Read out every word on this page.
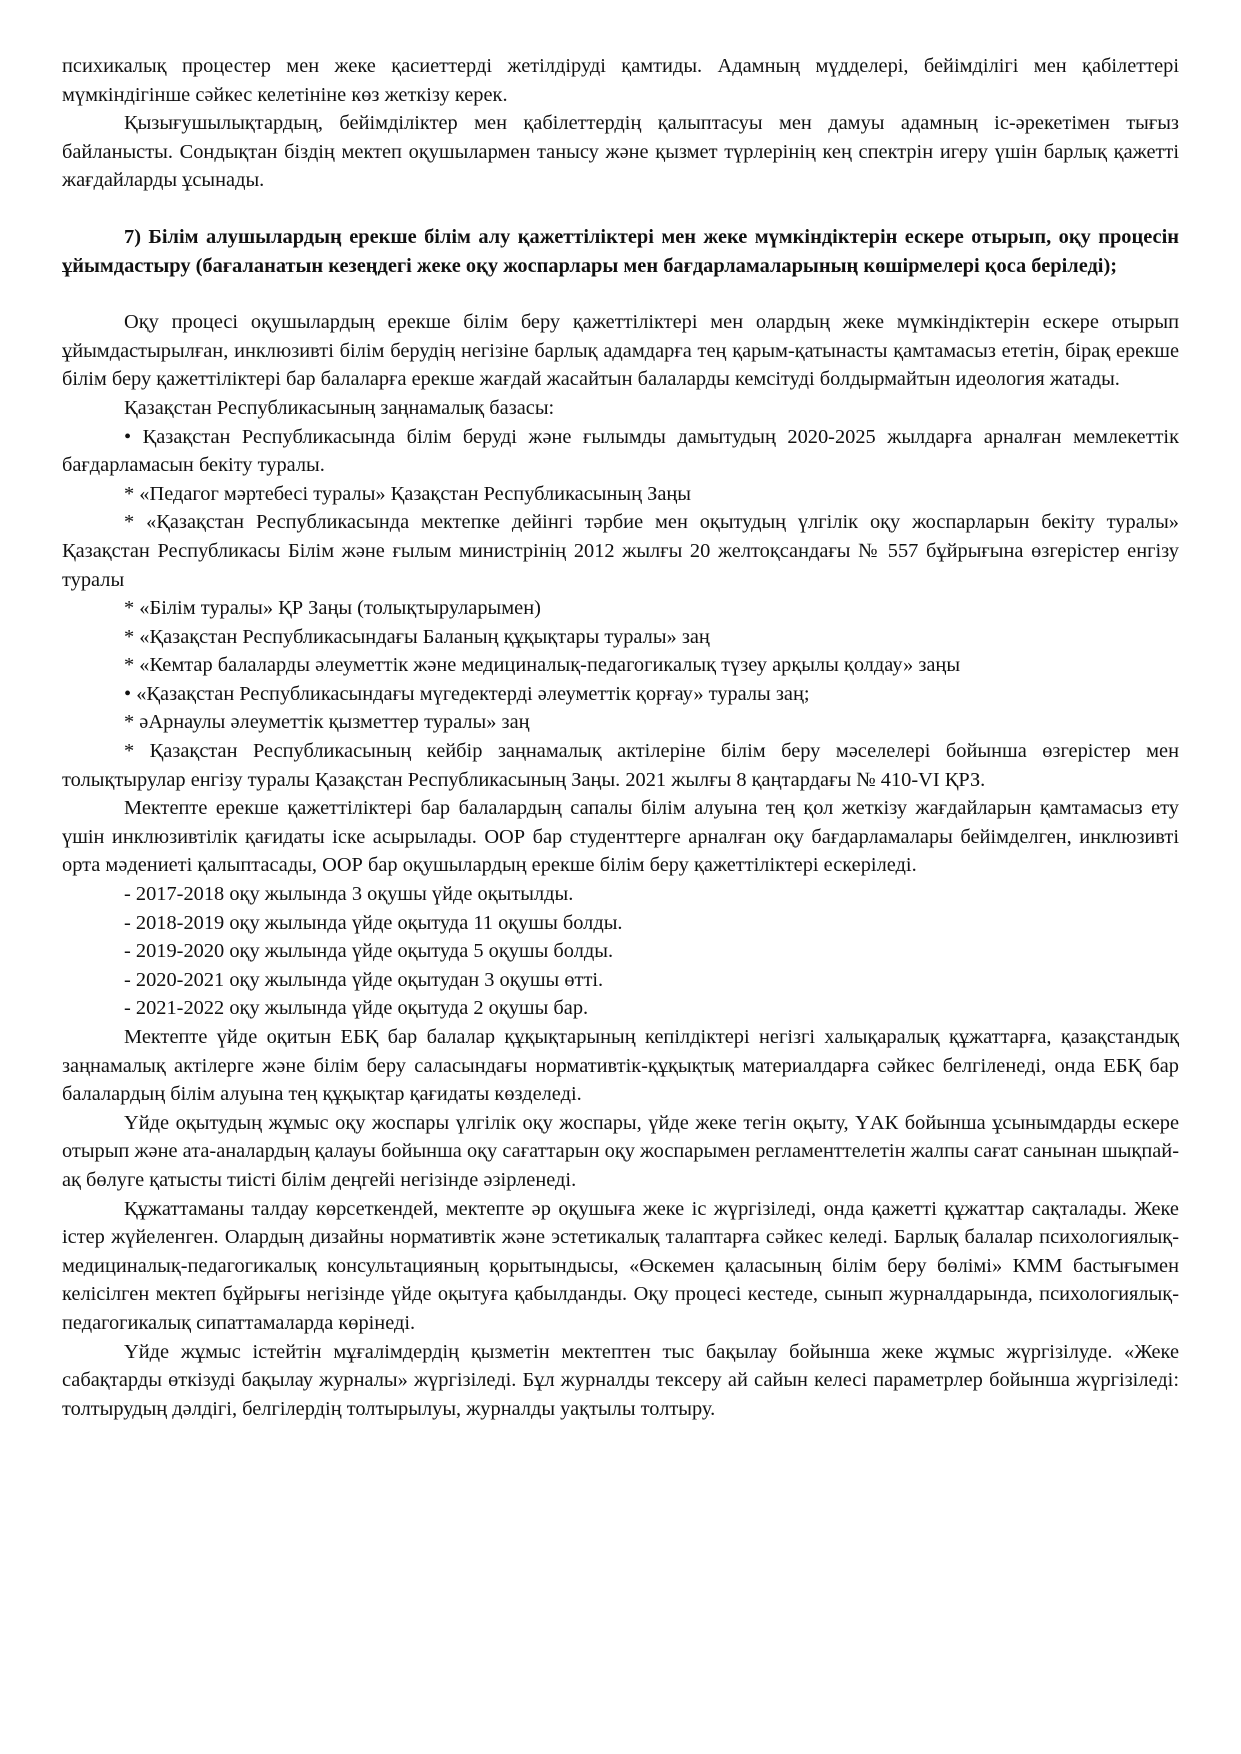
психикалық процестер мен жеке қасиеттерді жетілдіруді қамтиды. Адамның мүдделері, бейімділігі мен қабілеттері мүмкіндігінше сәйкес келетініне көз жеткізу керек.

Қызығушылықтардың, бейімділіктер мен қабілеттердің қалыптасуы мен дамуы адамның іс-әрекетімен тығыз байланысты. Сондықтан біздің мектеп оқушылармен танысу және қызмет түрлерінің кең спектрін игеру үшін барлық қажетті жағдайларды ұсынады.

7) Білім алушылардың ерекше білім алу қажеттіліктері мен жеке мүмкіндіктерін ескере отырып, оқу процесін ұйымдастыру (бағаланатын кезеңдегі жеке оқу жоспарлары мен бағдарламаларының көшірмелері қоса беріледі);

Оқу процесі оқушылардың ерекше білім беру қажеттіліктері мен олардың жеке мүмкіндіктерін ескере отырып ұйымдастырылған, инклюзивті білім берудің негізіне барлық адамдарға тең қарым-қатынасты қамтамасыз ететін, бірақ ерекше білім беру қажеттіліктері бар балаларға ерекше жағдай жасайтын балаларды кемсітуді болдырмайтын идеология жатады.

Қазақстан Республикасының заңнамалық базасы:

• Қазақстан Республикасында білім беруді және ғылымды дамытудың 2020-2025 жылдарға арналған мемлекеттік бағдарламасын бекіту туралы.

* «Педагог мәртебесі туралы» Қазақстан Республикасының Заңы

* «Қазақстан Республикасында мектепке дейінгі тәрбие мен оқытудың үлгілік оқу жоспарларын бекіту туралы» Қазақстан Республикасы Білім және ғылым министрінің 2012 жылғы 20 желтоқсандағы № 557 бұйрығына өзгерістер енгізу туралы

* «Білім туралы» ҚР Заңы (толықтыруларымен)

* «Қазақстан Республикасындағы Баланың құқықтары туралы» заң

* «Кемтар балаларды әлеуметтік және медициналық-педагогикалық түзеу арқылы қолдау» заңы

• «Қазақстан Республикасындағы мүгедектерді әлеуметтік қорғау» туралы заң;

* әАрнаулы әлеуметтік қызметтер туралы» заң

* Қазақстан Республикасының кейбір заңнамалық актілеріне білім беру мәселелері бойынша өзгерістер мен толықтырулар енгізу туралы Қазақстан Республикасының Заңы. 2021 жылғы 8 қаңтардағы № 410-VI ҚРЗ.

Мектепте ерекше қажеттіліктері бар балалардың сапалы білім алуына тең қол жеткізу жағдайларын қамтамасыз ету үшін инклюзивтілік қағидаты іске асырылады. ООР бар студенттерге арналған оқу бағдарламалары бейімделген, инклюзивті орта мәдениеті қалыптасады, ООР бар оқушылардың ерекше білім беру қажеттіліктері ескеріледі.

- 2017-2018 оқу жылында 3 оқушы үйде оқытылды.

- 2018-2019 оқу жылында үйде оқытуда 11 оқушы болды.

- 2019-2020 оқу жылында үйде оқытуда 5 оқушы болды.

- 2020-2021 оқу жылында үйде оқытудан 3 оқушы өтті.

- 2021-2022 оқу жылында үйде оқытуда 2 оқушы бар.

Мектепте үйде оқитын ЕБҚ бар балалар құқықтарының кепілдіктері негізгі халықаралық құжаттарға, қазақстандық заңнамалық актілерге және білім беру саласындағы нормативтік-құқықтық материалдарға сәйкес белгіленеді, онда ЕБҚ бар балалардың білім алуына тең құқықтар қағидаты көзделеді.

Үйде оқытудың жұмыс оқу жоспары үлгілік оқу жоспары, үйде жеке тегін оқыту, ҮАК бойынша ұсынымдарды ескере отырып және ата-аналардың қалауы бойынша оқу сағаттарын оқу жоспарымен регламенттелетін жалпы сағат санынан шықпай-ақ бөлуге қатысты тиісті білім деңгейі негізінде әзірленеді.

Құжаттаманы талдау көрсеткендей, мектепте әр оқушыға жеке іс жүргізіледі, онда қажетті құжаттар сақталады. Жеке істер жүйеленген. Олардың дизайны нормативтік және эстетикалық талаптарға сәйкес келеді. Барлық балалар психологиялық-медициналық-педагогикалық консультацияның қорытындысы, «Өскемен қаласының білім беру бөлімі» КММ бастығымен келісілген мектеп бұйрығы негізінде үйде оқытуға қабылданды. Оқу процесі кестеде, сынып журналдарында, психологиялық-педагогикалық сипаттамаларда көрінеді.

Үйде жұмыс істейтін мұғалімдердің қызметін мектептен тыс бақылау бойынша жеке жұмыс жүргізілуде. «Жеке сабақтарды өткізуді бақылау журналы» жүргізіледі. Бұл журналды тексеру ай сайын келесі параметрлер бойынша жүргізіледі: толтырудың дәлдігі, белгілердің толтырылуы, журналды уақтылы толтыру.
